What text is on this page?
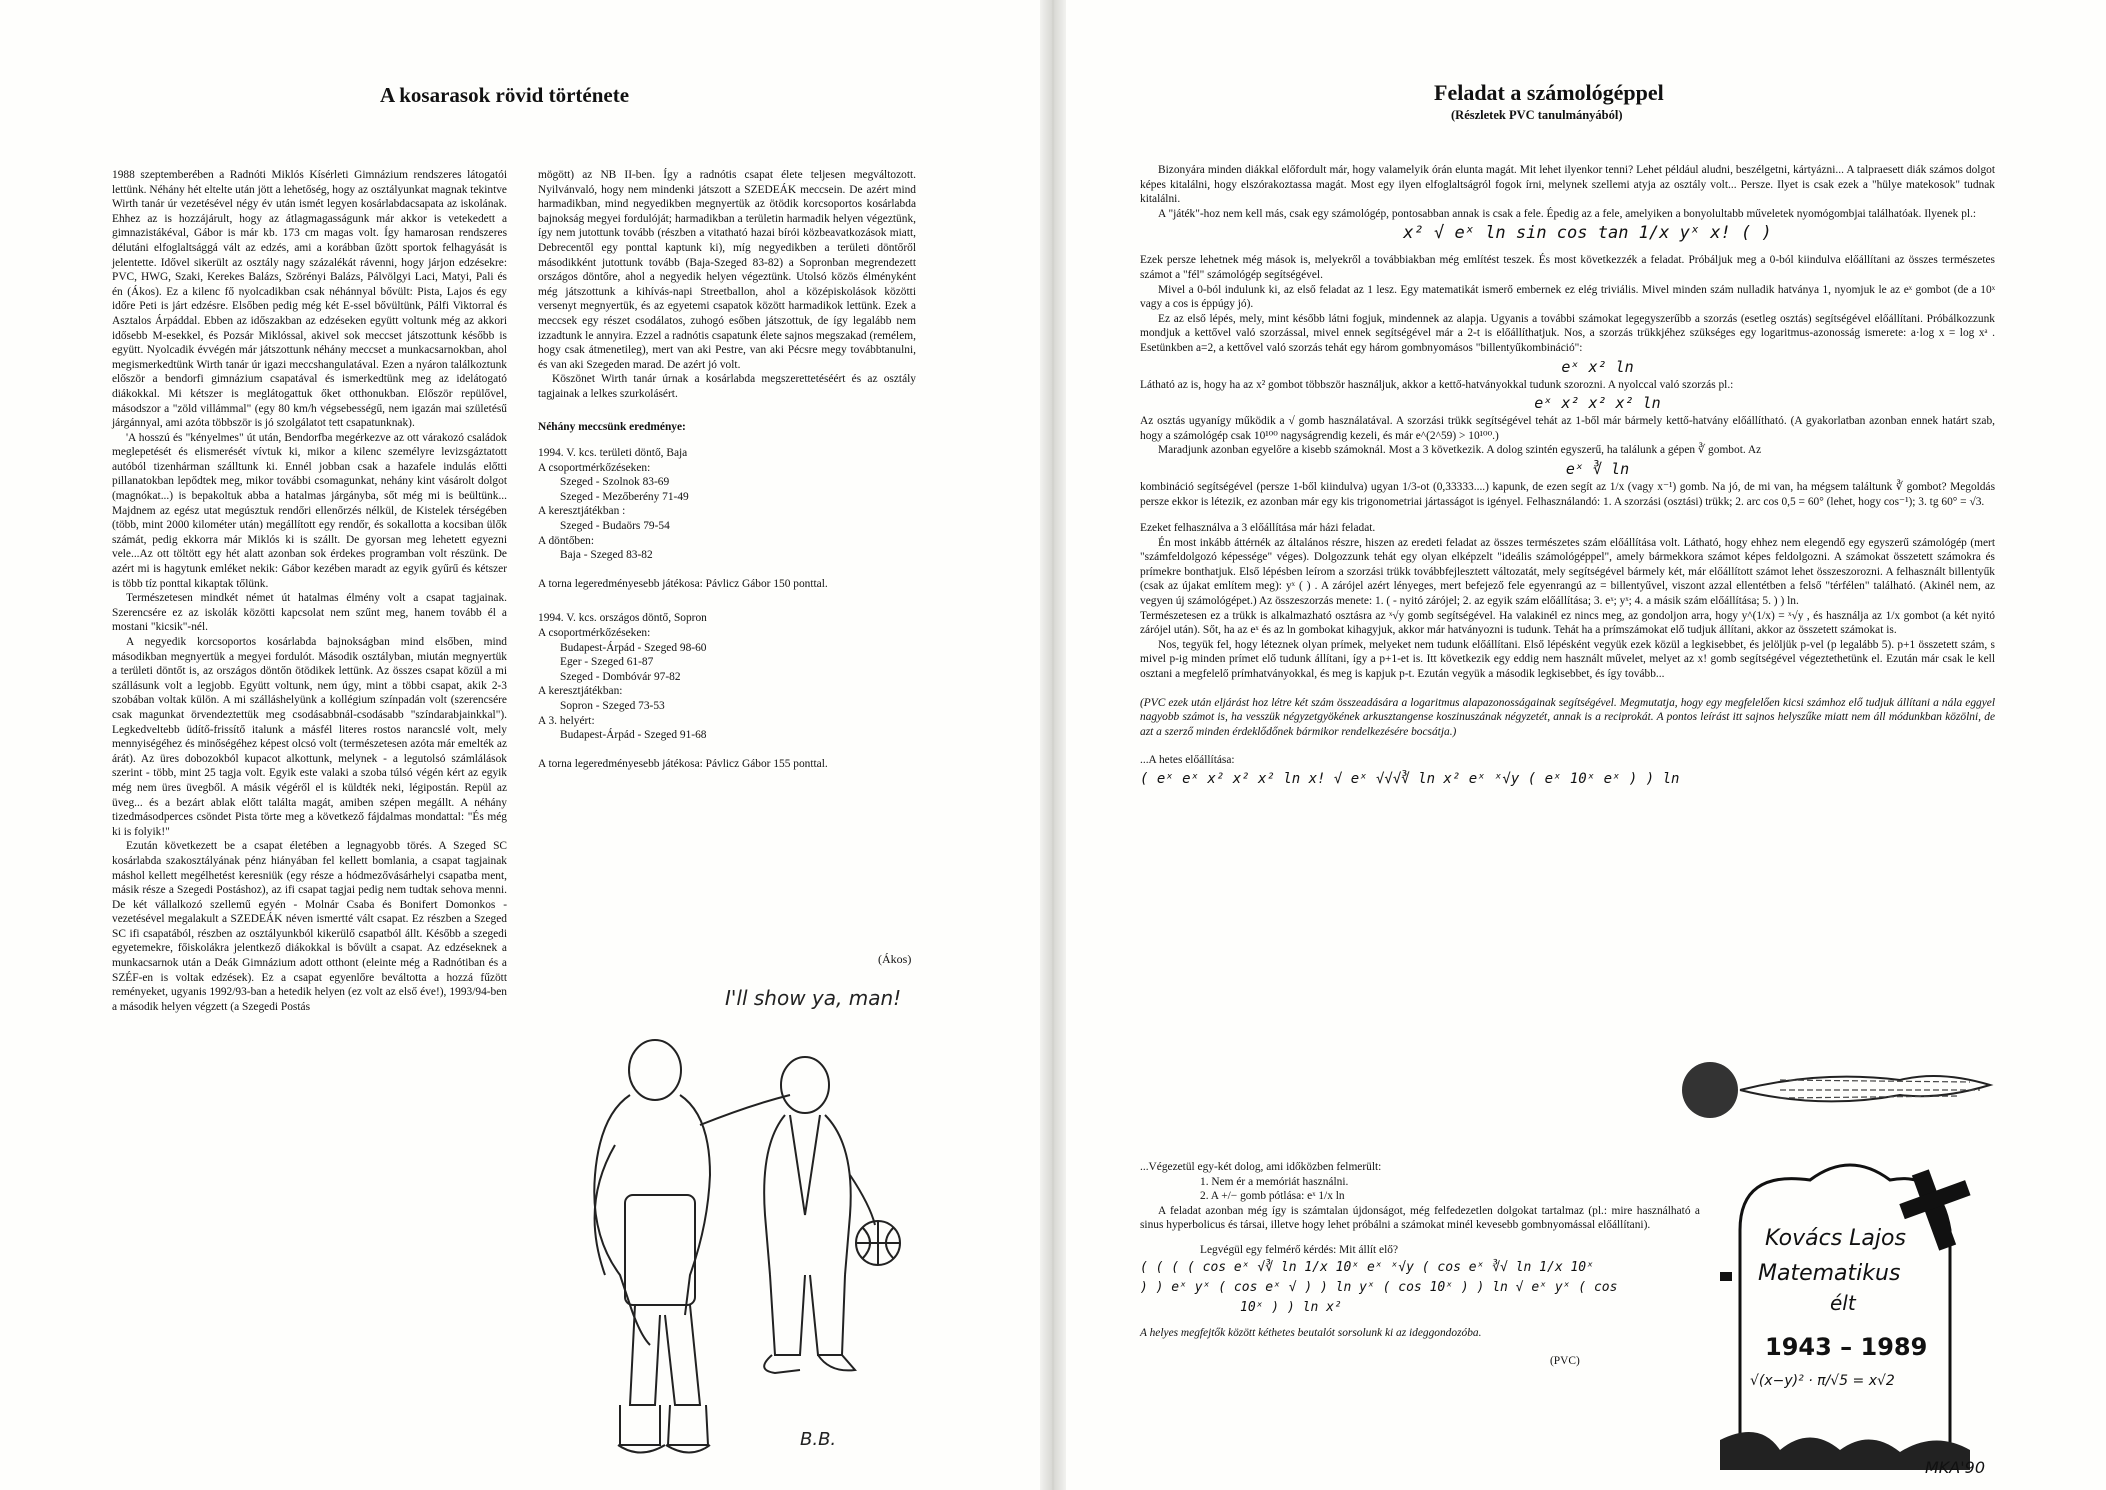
A kosarasok rövid története

1988 szeptemberében a Radnóti Miklós Kísérleti Gimnázium rendszeres látogatói lettünk. Néhány hét eltelte után jött a lehetőség, hogy az osztályunkat magnak tekintve Wirth tanár úr vezetésével négy év után ismét legyen kosárlabdacsapata az iskolának. Ehhez az is hozzájárult, hogy az átlagmagasságunk már akkor is vetekedett a gimnazistákéval, Gábor is már kb. 173 cm magas volt. Így hamarosan rendszeres délutáni elfoglaltsággá vált az edzés, ami a korábban űzött sportok felhagyását is jelentette. Idővel sikerült az osztály nagy százalékát rávenni, hogy járjon edzésekre: PVC, HWG, Szaki, Kerekes Balázs, Szörényi Balázs, Pálvölgyi Laci, Matyi, Pali és én (Ákos). Ez a kilenc fő nyolcadikban csak néhánnyal bővült: Pista, Lajos és egy időre Peti is járt edzésre. Elsőben pedig még két E-ssel bővültünk, Pálfi Viktorral és Asztalos Árpáddal. Ebben az időszakban az edzéseken együtt voltunk még az akkori idősebb M-esekkel, és Pozsár Miklóssal, akivel sok meccset játszottunk később is együtt. Nyolcadik évvégén már játszottunk néhány meccset a munkacsarnokban, ahol megismerkedtünk Wirth tanár úr igazi meccshangulatával. Ezen a nyáron találkoztunk először a bendorfi gimnázium csapatával és ismerkedtünk meg az idelátogató diákokkal. Mi kétszer is meglátogattuk őket otthonukban. Először repülővel, másodszor a "zöld villámmal" (egy 80 km/h végsebességű, nem igazán mai születésű járgánnyal, ami azóta többször is jó szolgálatot tett csapatunknak).

'A hosszú és "kényelmes" út után, Bendorfba megérkezve az ott várakozó családok meglepetését és elismerését vívtuk ki, mikor a kilenc személyre levizsgáztatott autóból tizenhárman szálltunk ki. Ennél jobban csak a hazafele indulás előtti pillanatokban lepődtek meg, mikor további csomagunkat, nehány kint vásárolt dolgot (magnókat...) is bepakoltuk abba a hatalmas járgányba, sőt még mi is beültünk... Majdnem az egész utat megúsztuk rendőri ellenőrzés nélkül, de Kistelek térségében (több, mint 2000 kilométer után) megállított egy rendőr, és sokallotta a kocsiban ülők számát, pedig ekkorra már Miklós ki is szállt. De gyorsan meg lehetett egyezni vele...Az ott töltött egy hét alatt azonban sok érdekes programban volt részünk. De azért mi is hagytunk emléket nekik: Gábor kezében maradt az egyik gyűrű és kétszer is több tíz ponttal kikaptak tőlünk.

Természetesen mindkét német út hatalmas élmény volt a csapat tagjainak. Szerencsére ez az iskolák közötti kapcsolat nem szűnt meg, hanem tovább él a mostani "kicsik"-nél.

A negyedik korcsoportos kosárlabda bajnokságban mind elsőben, mind másodikban megnyertük a megyei fordulót. Második osztályban, miután megnyertük a területi döntőt is, az országos döntőn ötödikek lettünk. Az összes csapat közül a mi szállásunk volt a legjobb. Együtt voltunk, nem úgy, mint a többi csapat, akik 2-3 szobában voltak külön. A mi szálláshelyünk a kollégium színpadán volt (szerencsére csak magunkat örvendeztettük meg csodásabbnál-csodásabb "színdarabjainkkal"). Legkedveltebb üdítő-frissítő italunk a másfél literes rostos narancslé volt, mely mennyiségéhez és minőségéhez képest olcsó volt (természetesen azóta már emelték az árát). Az üres dobozokból kupacot alkottunk, melynek - a legutolsó számlálások szerint - több, mint 25 tagja volt. Egyik este valaki a szoba túlsó végén kért az egyik még nem üres üvegből. A másik végéről el is küldték neki, légipostán. Repül az üveg... és a bezárt ablak előtt találta magát, amiben szépen megállt. A néhány tizedmásodperces csöndet Pista törte meg a következő fájdalmas mondattal: "És még ki is folyik!"

Ezután következett be a csapat életében a legnagyobb törés. A Szeged SC kosárlabda szakosztályának pénz hiányában fel kellett bomlania, a csapat tagjainak máshol kellett megélhetést keresniük (egy része a hódmezővásárhelyi csapatba ment, másik része a Szegedi Postáshoz), az ifi csapat tagjai pedig nem tudtak sehova menni. De két vállalkozó szellemű egyén - Molnár Csaba és Bonifert Domonkos - vezetésével megalakult a SZEDEÁK néven ismertté vált csapat. Ez részben a Szeged SC ifi csapatából, részben az osztályunkból kikerülő csapatból állt. Később a szegedi egyetemekre, főiskolákra jelentkező diákokkal is bővült a csapat. Az edzéseknek a munkacsarnok után a Deák Gimnázium adott otthont (eleinte még a Radnótiban és a SZÉF-en is voltak edzések). Ez a csapat egyenlőre beváltotta a hozzá fűzött reményeket, ugyanis 1992/93-ban a hetedik helyen (ez volt az első éve!), 1993/94-ben a második helyen végzett (a Szegedi Postás

mögött) az NB II-ben. Így a radnótis csapat élete teljesen megváltozott. Nyilvánvaló, hogy nem mindenki játszott a SZEDEÁK meccsein. De azért mind harmadikban, mind negyedikben megnyertük az ötödik korcsoportos kosárlabda bajnokság megyei fordulóját; harmadikban a területin harmadik helyen végeztünk, így nem jutottunk tovább (részben a vitatható hazai bírói közbeavatkozások miatt, Debrecentől egy ponttal kaptunk ki), míg negyedikben a területi döntőről másodikként jutottunk tovább (Baja-Szeged 83-82) a Sopronban megrendezett országos döntőre, ahol a negyedik helyen végeztünk. Utolsó közös élményként még játszottunk a kihívás-napi Streetballon, ahol a középiskolások közötti versenyt megnyertük, és az egyetemi csapatok között harmadikok lettünk. Ezek a meccsek egy részet csodálatos, zuhogó esőben játszottuk, de így legalább nem izzadtunk le annyira. Ezzel a radnótis csapatunk élete sajnos megszakad (remélem, hogy csak átmenetileg), mert van aki Pestre, van aki Pécsre megy továbbtanulni, és van aki Szegeden marad. De azért jó volt.

Köszönet Wirth tanár úrnak a kosárlabda megszerettetéséért és az osztály tagjainak a lelkes szurkolásért.

Néhány meccsünk eredménye:

1994. V. kcs. területi döntő, Baja

A csoportmérkőzéseken:

Szeged - Szolnok 83-69

Szeged - Mezőberény 71-49

A keresztjátékban :

Szeged - Budaörs 79-54

A döntőben:

Baja - Szeged 83-82

A torna legeredményesebb játékosa: Pávlicz Gábor 150 ponttal.

1994. V. kcs. országos döntő, Sopron

A csoportmérkőzéseken:

Budapest-Árpád - Szeged 98-60

Eger - Szeged 61-87

Szeged - Dombóvár 97-82

A keresztjátékban:

Sopron - Szeged 73-53

A 3. helyért:

Budapest-Árpád - Szeged 91-68

A torna legeredményesebb játékosa: Pávlicz Gábor 155 ponttal.

(Ákos)
I'll show ya, man!
B.B.
Feladat a számológéppel
(Részletek PVC tanulmányából)

Bizonyára minden diákkal előfordult már, hogy valamelyik órán elunta magát. Mit lehet ilyenkor tenni? Lehet például aludni, beszélgetni, kártyázni... A talpraesett diák számos dolgot képes kitalálni, hogy elszórakoztassa magát. Most egy ilyen elfoglaltságról fogok írni, melynek szellemi atyja az osztály volt... Persze. Ilyet is csak ezek a "hülye matekosok" tudnak kitalálni.

A "játék"-hoz nem kell más, csak egy számológép, pontosabban annak is csak a fele. Épedig az a fele, amelyiken a bonyolultabb műveletek nyomógombjai találhatóak. Ilyenek pl.:

x² √ eˣ ln sin cos tan 1/x yˣ x! ( )

Ezek persze lehetnek még mások is, melyekről a továbbiakban még említést teszek. És most következzék a feladat. Próbáljuk meg a 0-ból kiindulva előállítani az összes természetes számot a "fél" számológép segítségével.

Mivel a 0-ból indulunk ki, az első feladat az 1 lesz. Egy matematikát ismerő embernek ez elég triviális. Mivel minden szám nulladik hatványa 1, nyomjuk le az eˣ gombot (de a 10ˣ vagy a cos is éppúgy jó).

Ez az első lépés, mely, mint később látni fogjuk, mindennek az alapja. Ugyanis a további számokat legegyszerűbb a szorzás (esetleg osztás) segítségével előállítani. Próbálkozzunk mondjuk a kettővel való szorzással, mivel ennek segítségével már a 2-t is előállíthatjuk. Nos, a szorzás trükkjéhez szükséges egy logaritmus-azonosság ismerete: a·log x = log xᵃ . Esetünkben a=2, a kettővel való szorzás tehát egy három gombnyomásos "billentyűkombináció":

eˣ x² ln

Látható az is, hogy ha az x² gombot többször használjuk, akkor a kettő-hatványokkal tudunk szorozni. A nyolccal való szorzás pl.:

eˣ x² x² x² ln

Az osztás ugyanígy működik a √ gomb használatával. A szorzási trükk segítségével tehát az 1-ből már bármely kettő-hatvány előállítható. (A gyakorlatban azonban ennek határt szab, hogy a számológép csak 10¹⁰⁰ nagyságrendig kezeli, és már e^(2^59) > 10¹⁰⁰.)

Maradjunk azonban egyelőre a kisebb számoknál. Most a 3 következik. A dolog szintén egyszerű, ha találunk a gépen ∛ gombot. Az

eˣ ∛ ln

kombináció segítségével (persze 1-ből kiindulva) ugyan 1/3-ot (0,33333....) kapunk, de ezen segít az 1/x (vagy x⁻¹) gomb. Na jó, de mi van, ha mégsem találtunk ∛ gombot? Megoldás persze ekkor is létezik, ez azonban már egy kis trigonometriai jártasságot is igényel. Felhasználandó: 1. A szorzási (osztási) trükk; 2. arc cos 0,5 = 60° (lehet, hogy cos⁻¹); 3. tg 60° = √3.

Ezeket felhasználva a 3 előállítása már házi feladat.

Én most inkább áttérnék az általános részre, hiszen az eredeti feladat az összes természetes szám előállítása volt. Látható, hogy ehhez nem elegendő egy egyszerű számológép (mert "számfeldolgozó képessége" véges). Dolgozzunk tehát egy olyan elképzelt "ideális számológéppel", amely bármekkora számot képes feldolgozni. A számokat összetett számokra és prímekre bonthatjuk. Első lépésben leírom a szorzási trükk továbbfejlesztett változatát, mely segítségével bármely két, már előállított számot lehet összeszorozni. A felhasznált billentyűk (csak az újakat említem meg): yˣ ( ) . A zárójel azért lényeges, mert befejező fele egyenrangú az = billentyűvel, viszont azzal ellentétben a felső "térfélen" található. (Akinél nem, az vegyen új számológépet.) Az összeszorzás menete: 1. ( - nyitó zárójel; 2. az egyik szám előállítása; 3. eˣ; yˣ; 4. a másik szám előállítása; 5. ) ) ln.

Természetesen ez a trükk is alkalmazható osztásra az ˣ√y gomb segítségével. Ha valakinél ez nincs meg, az gondoljon arra, hogy y^(1/x) = ˣ√y , és használja az 1/x gombot (a két nyitó zárójel után). Sőt, ha az eˣ és az ln gombokat kihagyjuk, akkor már hatványozni is tudunk. Tehát ha a prímszámokat elő tudjuk állítani, akkor az összetett számokat is.

Nos, tegyük fel, hogy léteznek olyan prímek, melyeket nem tudunk előállítani. Első lépésként vegyük ezek közül a legkisebbet, és jelöljük p-vel (p legalább 5). p+1 összetett szám, s mivel p-ig minden prímet elő tudunk állítani, így a p+1-et is. Itt következik egy eddig nem használt művelet, melyet az x! gomb segítségével végeztethetünk el. Ezután már csak le kell osztani a megfelelő prímhatványokkal, és meg is kapjuk p-t. Ezután vegyük a második legkisebbet, és így tovább...

(PVC ezek után eljárást hoz létre két szám összeadására a logaritmus alapazonosságainak segítségével. Megmutatja, hogy egy megfelelően kicsi számhoz elő tudjuk állítani a nála eggyel nagyobb számot is, ha vesszük négyzetgyökének arkusztangense koszinuszának négyzetét, annak is a reciprokát. A pontos leírást itt sajnos helyszűke miatt nem áll módunkban közölni, de azt a szerző minden érdeklődőnek bármikor rendelkezésére bocsátja.)

...A hetes előállítása:

( eˣ eˣ x² x² x² ln x! √ eˣ √√√∛ ln x² eˣ ˣ√y ( eˣ 10ˣ eˣ ) ) ln

...Végezetül egy-két dolog, ami időközben felmerült:

1. Nem ér a memóriát használni.

2. A +/− gomb pótlása: eˣ 1/x ln

A feladat azonban még így is számtalan újdonságot, még felfedezetlen dolgokat tartalmaz (pl.: mire használható a sinus hyperbolicus és társai, illetve hogy lehet próbálni a számokat minél kevesebb gombnyomással előállítani).

Legvégül egy felmérő kérdés: Mit állít elő?

( ( ( ( cos eˣ √∛ ln 1/x 10ˣ eˣ ˣ√y ( cos eˣ ∛√ ln 1/x 10ˣ

) ) eˣ yˣ ( cos eˣ √ ) ) ln yˣ ( cos 10ˣ ) ) ln √ eˣ yˣ ( cos

10ˣ ) ) ln x²

A helyes megfejtők között kéthetes beutalót sorsolunk ki az ideggondozóba.

(PVC)

Kovács Lajos
Matematikus
élt
1943 – 1989
√(x−y)² · π/√5 = x√2
MKA'90
